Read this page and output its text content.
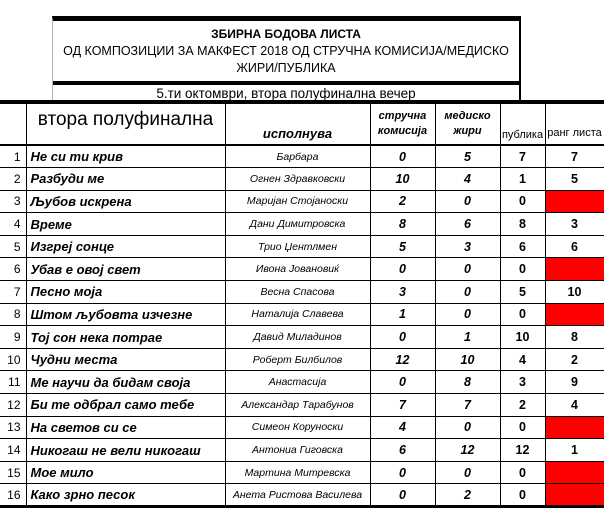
ЗБИРНА БОДОВА ЛИСТА
ОД КОМПОЗИЦИИ ЗА МАКФЕСТ 2018 ОД СТРУЧНА КОМИСИЈА/МЕДИСКО ЖИРИ/ПУБЛИКА
5.ти октомври, втора полуфинална вечер
	втора полуфинална	исполнува	стручна комисија	медиско жири	публика	ранг листа
1	Не си ти крив	Барбара	0	5	7	7
2	Разбуди ме	Огнен Здравковски	10	4	1	5
3	Љубов искрена	Маријан Стојаноски	2	0	0	
4	Време	Дани Димитровска	8	6	8	3
5	Изгреј сонце	Трио Џентлмен	5	3	6	6
6	Убав е овој свет	Ивона Јовановиќ	0	0	0	
7	Песно моја	Весна Спасова	3	0	5	10
8	Штом љубовта изчезне	Наталија Славева	1	0	0	
9	Тој сон нека потрае	Давид Миладинов	0	1	10	8
10	Чудни места	Роберт Билбилов	12	10	4	2
11	Ме научи да бидам своја	Анастасија	0	8	3	9
12	Би те одбрал само тебе	Александар Тарабунов	7	7	2	4
13	На светов си се	Симеон Коруноски	4	0	0	
14	Никогаш не вели никогаш	Антониа Гиговска	6	12	12	1
15	Мое мило	Мартина Митревска	0	0	0	
16	Како зрно песок	Анета Ристова Василева	0	2	0	
